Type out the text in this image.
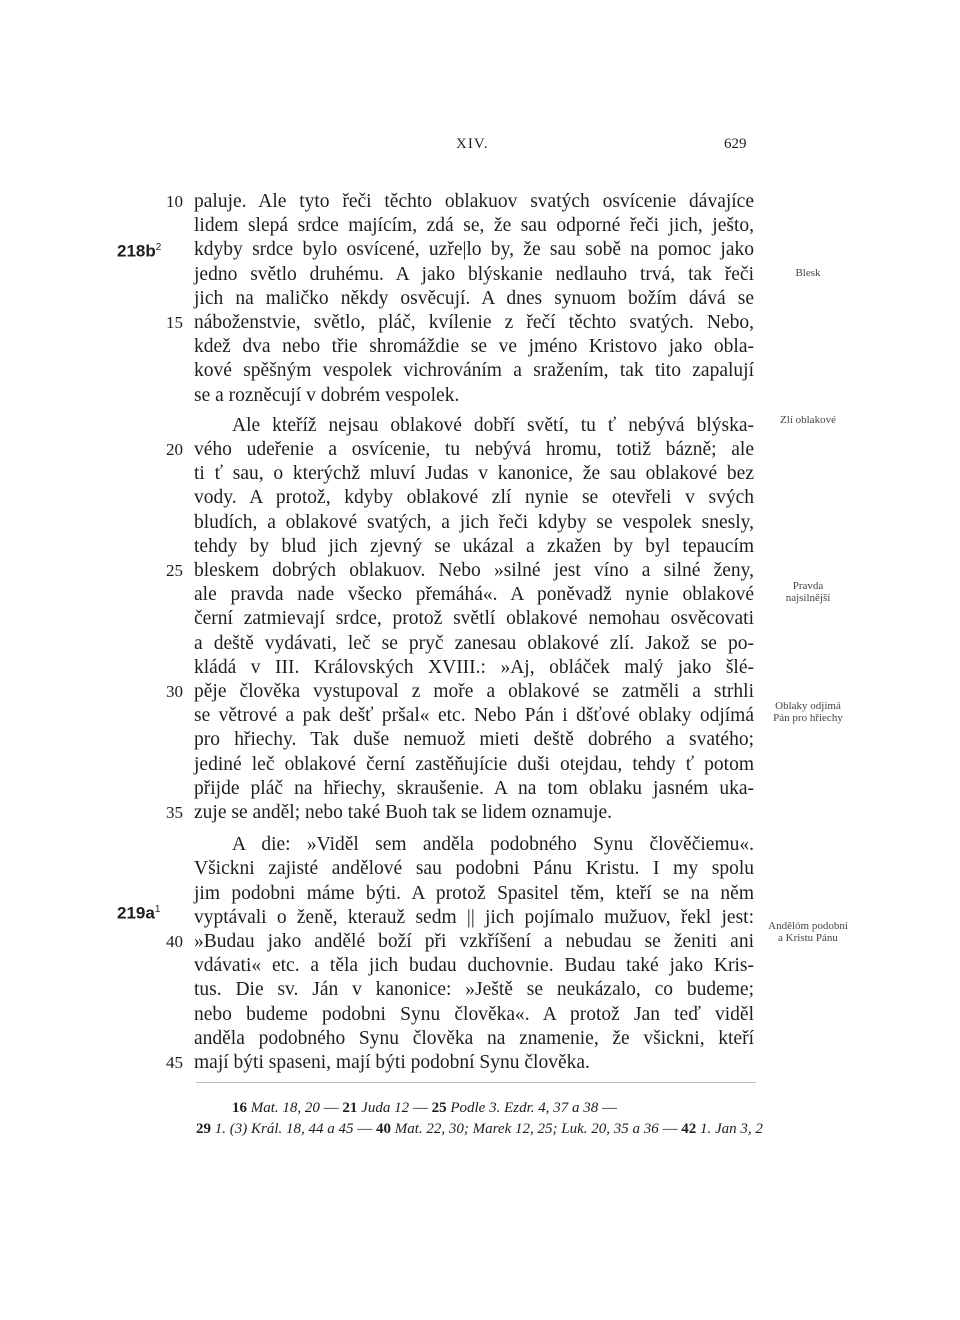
XIV.	629
10 paluje. Ale tyto řeči těchto oblakuov svatých osvícenie dávajíce
lidem slepá srdce majícím, zdá se, že sau odporné řeči jich, ješto,
kdyby srdce bylo osvícené, uzře|lo by, že sau sobě na pomoc jako
jedno světlo druhému. A jako blýskanie nedlauho trvá, tak řeči
jich na maličko někdy osvěcují. A dnes synuom božím dává se
15 náboženstvie, světlo, pláč, kvílenie z řečí těchto svatých. Nebo,
kdež dva nebo třie shromáždie se ve jméno Kristovo jako obla-
kové spěšným vespolek vichrováním a sražením, tak tito zapalují
se a rozněcují v dobrém vespolek.
Ale kteříž nejsau oblakové dobří světí, tu ť nebývá blýska-
20 vého udeřenie a osvícenie, tu nebývá hromu, totiž bázně; ale
ti ť sau, o kterýchž mluví Judas v kanonice, že sau oblakové bez
vody. A protož, kdyby oblakové zlí nynie se otevřeli v svých
bludích, a oblakové svatých, a jich řeči kdyby se vespolek snesly,
tehdy by blud jich zjevný se ukázal a zkažen by byl tepaucím
25 bleskem dobrých oblakuov. Nebo »silné jest víno a silné ženy,
ale pravda nade všecko přemáhá«. A poněvadž nynie oblakové
černí zatmievají srdce, protož světlí oblakové nemohau osvěcovati
a deště vydávati, leč se pryč zanesau oblakové zlí. Jakož se po-
kládá v III. Královských XVIII.: »Aj, obláček malý jako šlé-
30 pěje člověka vystupoval z moře a oblakové se zatměli a strhli
se větrové a pak dešť pršal« etc. Nebo Pán i dšťové oblaky odjímá
pro hřiechy. Tak duše nemuož mieti deště dobrého a svatého;
jediné leč oblakové černí zastěňujície duši otejdau, tehdy ť potom
přijde pláč na hřiechy, skraušenie. A na tom oblaku jasném uka-
35 zuje se anděl; nebo také Buoh tak se lidem oznamuje.
A die: »Viděl sem anděla podobného Synu člověčiemu«.
Všickni zajisté andělové sau podobni Pánu Kristu. I my spolu
jim podobni máme býti. A protož Spasitel těm, kteří se na něm
vyptávali o ženě, kterauž sedm || jich pojímalo mužuov, řekl jest:
40 »Budau jako andělé boží při vzkříšení a nebudau se ženiti ani
vdávati« etc. a těla jich budau duchovnie. Budau také jako Kris-
tus. Die sv. Ján v kanonice: »Ještě se neukázalo, co budeme;
nebo budeme podobni Synu člověka«. A protož Jan teď viděl
anděla podobného Synu člověka na znamenie, že všickni, kteří
45 mají býti spaseni, mají býti podobní Synu člověka.
$218b^2$
$219a^1$
Blesk
Zlí oblakové
Pravda
najsilnější
Oblaky odjímá
Pán pro hřiechy
Andělóm podobni
a Kristu Pánu
16 Mat. 18, 20 — 21 Juda 12 — 25 Podle 3. Ezdr. 4, 37 a 38 —
29 1. (3) Král. 18, 44 a 45 — 40 Mat. 22, 30; Marek 12, 25; Luk. 20, 35 a 36 — 42 1. Jan 3, 2
